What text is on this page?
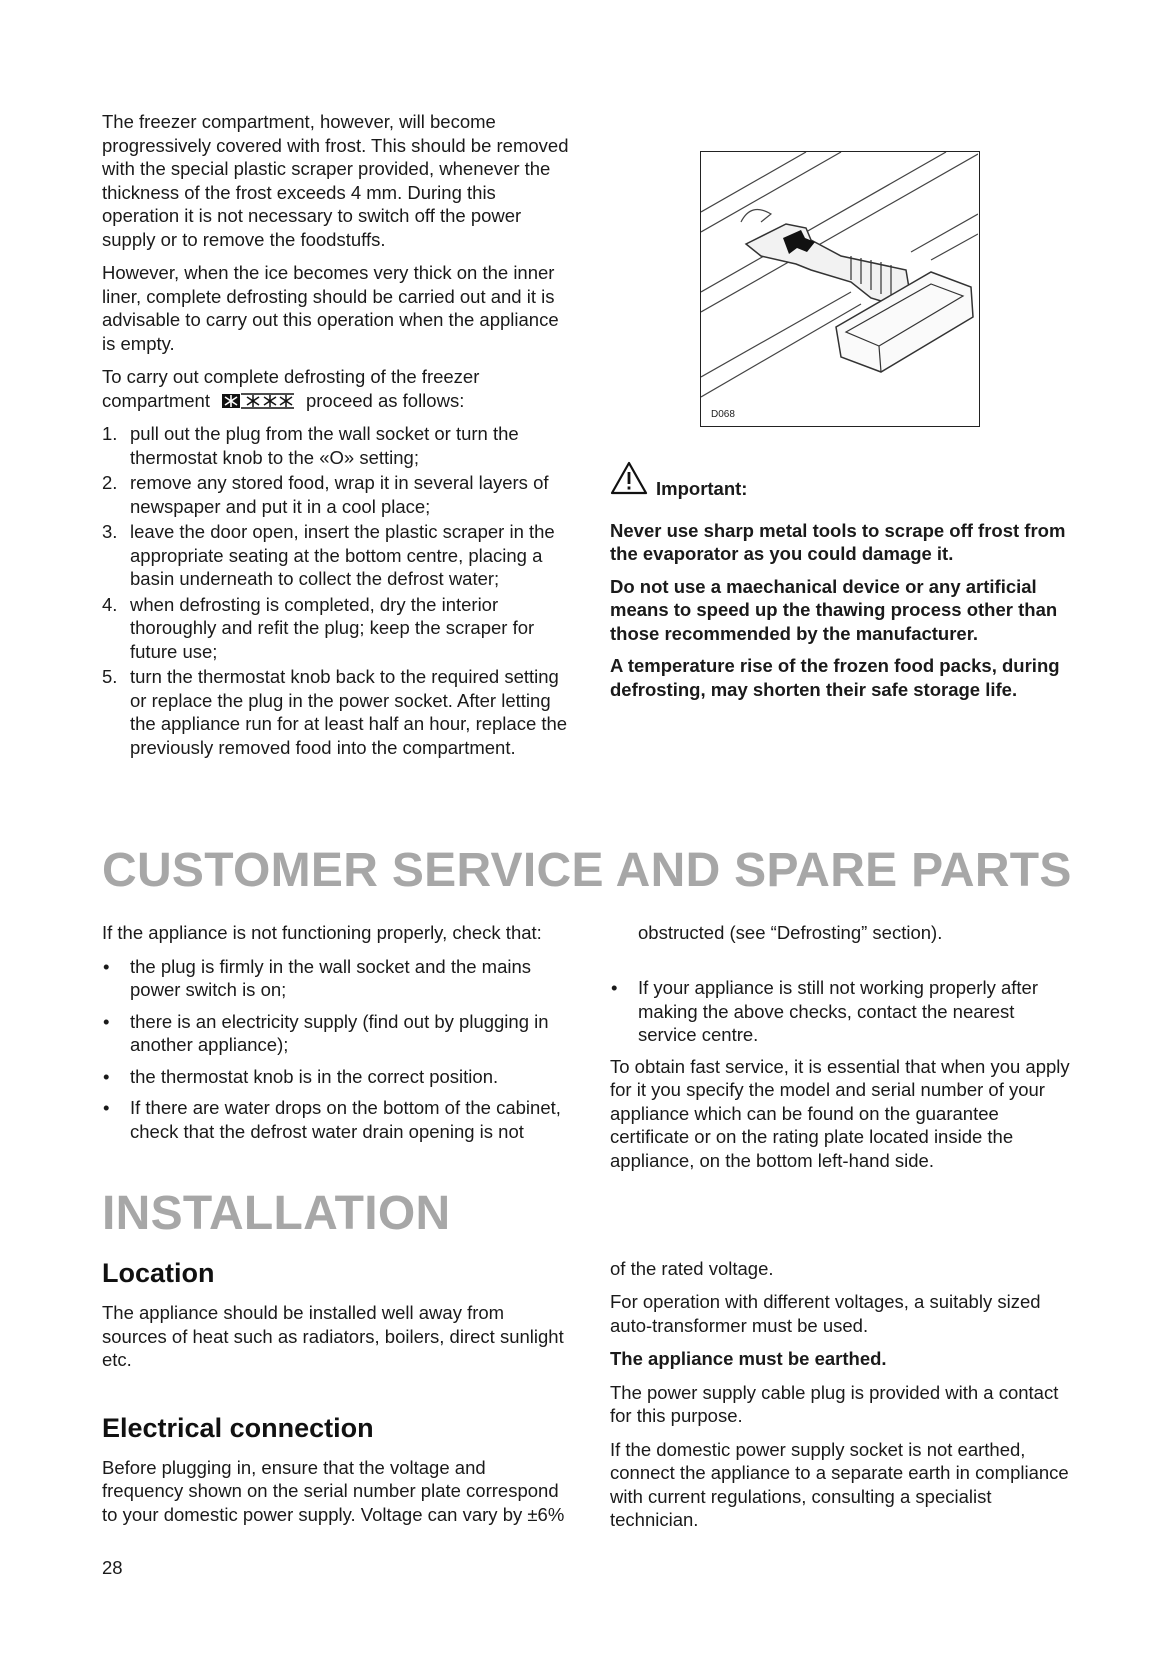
The freezer compartment, however, will become progressively covered with frost. This should be removed with the special plastic scraper provided, whenever the thickness of the frost exceeds 4 mm. During this operation it is not necessary to switch off the power supply or to remove the foodstuffs.

However, when the ice becomes very thick on the inner liner, complete defrosting should be carried out and it is advisable to carry out this operation when the appliance is empty.

To carry out complete defrosting of the freezer
compartment	proceed as follows:

1. pull out the plug from the wall socket or turn the thermostat knob to the «O» setting;
2. remove any stored food, wrap it in several layers of newspaper and put it in a cool place;
3. leave the door open, insert the plastic scraper in the appropriate seating at the bottom centre, placing a basin underneath to collect the defrost water;
4. when defrosting is completed, dry the interior thoroughly and refit the plug; keep the scraper for future use;
5. turn the thermostat knob back to the required setting or replace the plug in the power socket. After letting the appliance run for at least half an hour, replace the previously removed food into the compartment.
D068
Important:

Never use sharp metal tools to scrape off frost from the evaporator as you could damage it.

Do not use a maechanical device or any artificial means to speed up the thawing process other than those recommended by the manufacturer.

A temperature rise of the frozen food packs, during defrosting, may shorten their safe storage life.

CUSTOMER SERVICE AND SPARE PARTS

If the appliance is not functioning properly, check that:

• the plug is firmly in the wall socket and the mains power switch is on;
• there is an electricity supply (find out by plugging in another appliance);
• the thermostat knob is in the correct position.
• If there are water drops on the bottom of the cabinet, check that the defrost water drain opening is not
obstructed (see “Defrosting” section).
• If your appliance is still not working properly after making the above checks, contact the nearest service centre.

To obtain fast service, it is essential that when you apply for it you specify the model and serial number of your appliance which can be found on the guarantee certificate or on the rating plate located inside the appliance, on the bottom left-hand side.

INSTALLATION
Location

The appliance should be installed well away from sources of heat such as radiators, boilers, direct sunlight etc.

Electrical connection
Before plugging in, ensure that the voltage and frequency shown on the serial number plate correspond to your domestic power supply. Voltage can vary by ±6%
of the rated voltage.

For operation with different voltages, a suitably sized auto-transformer must be used.

The appliance must be earthed.

The power supply cable plug is provided with a contact for this purpose.

If the domestic power supply socket is not earthed, connect the appliance to a separate earth in compliance with current regulations, consulting a specialist technician.

28
